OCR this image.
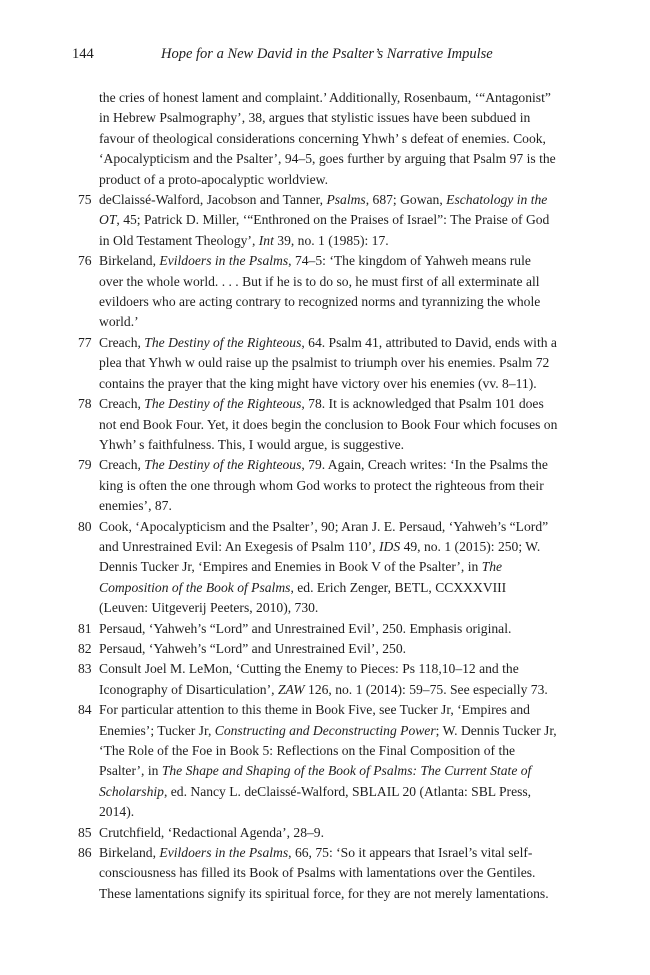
144	Hope for a New David in the Psalter’s Narrative Impulse
the cries of honest lament and complaint.’ Additionally, Rosenbaum, ‘“Antagonist” in Hebrew Psalmography’, 38, argues that stylistic issues have been subdued in favour of theological considerations concerning Yhwh’ s defeat of enemies. Cook, ‘Apocalypticism and the Psalter’, 94–5, goes further by arguing that Psalm 97 is the product of a proto-apocalyptic worldview.
75 deClaissé-Walford, Jacobson and Tanner, Psalms, 687; Gowan, Eschatology in the OT, 45; Patrick D. Miller, ‘“Enthroned on the Praises of Israel”: The Praise of God in Old Testament Theology’, Int 39, no. 1 (1985): 17.
76 Birkeland, Evildoers in the Psalms, 74–5: ‘The kingdom of Yahweh means rule over the whole world. . . . But if he is to do so, he must first of all exterminate all evildoers who are acting contrary to recognized norms and tyrannizing the whole world.’
77 Creach, The Destiny of the Righteous, 64. Psalm 41, attributed to David, ends with a plea that Yhwh w ould raise up the psalmist to triumph over his enemies. Psalm 72 contains the prayer that the king might have victory over his enemies (vv. 8–11).
78 Creach, The Destiny of the Righteous, 78. It is acknowledged that Psalm 101 does not end Book Four. Yet, it does begin the conclusion to Book Four which focuses on Yhwh’ s faithfulness. This, I would argue, is suggestive.
79 Creach, The Destiny of the Righteous, 79. Again, Creach writes: ‘In the Psalms the king is often the one through whom God works to protect the righteous from their enemies’, 87.
80 Cook, ‘Apocalypticism and the Psalter’, 90; Aran J. E. Persaud, ‘Yahweh’s “Lord” and Unrestrained Evil: An Exegesis of Psalm 110’, IDS 49, no. 1 (2015): 250; W. Dennis Tucker Jr, ‘Empires and Enemies in Book V of the Psalter’, in The Composition of the Book of Psalms, ed. Erich Zenger, BETL, CCXXXVIII (Leuven: Uitgeverij Peeters, 2010), 730.
81 Persaud, ‘Yahweh’s “Lord” and Unrestrained Evil’, 250. Emphasis original.
82 Persaud, ‘Yahweh’s “Lord” and Unrestrained Evil’, 250.
83 Consult Joel M. LeMon, ‘Cutting the Enemy to Pieces: Ps 118,10–12 and the Iconography of Disarticulation’, ZAW 126, no. 1 (2014): 59–75. See especially 73.
84 For particular attention to this theme in Book Five, see Tucker Jr, ‘Empires and Enemies’; Tucker Jr, Constructing and Deconstructing Power; W. Dennis Tucker Jr, ‘The Role of the Foe in Book 5: Reflections on the Final Composition of the Psalter’, in The Shape and Shaping of the Book of Psalms: The Current State of Scholarship, ed. Nancy L. deClaissé-Walford, SBLAIL 20 (Atlanta: SBL Press, 2014).
85 Crutchfield, ‘Redactional Agenda’, 28–9.
86 Birkeland, Evildoers in the Psalms, 66, 75: ‘So it appears that Israel’s vital self-consciousness has filled its Book of Psalms with lamentations over the Gentiles. These lamentations signify its spiritual force, for they are not merely lamentations.
